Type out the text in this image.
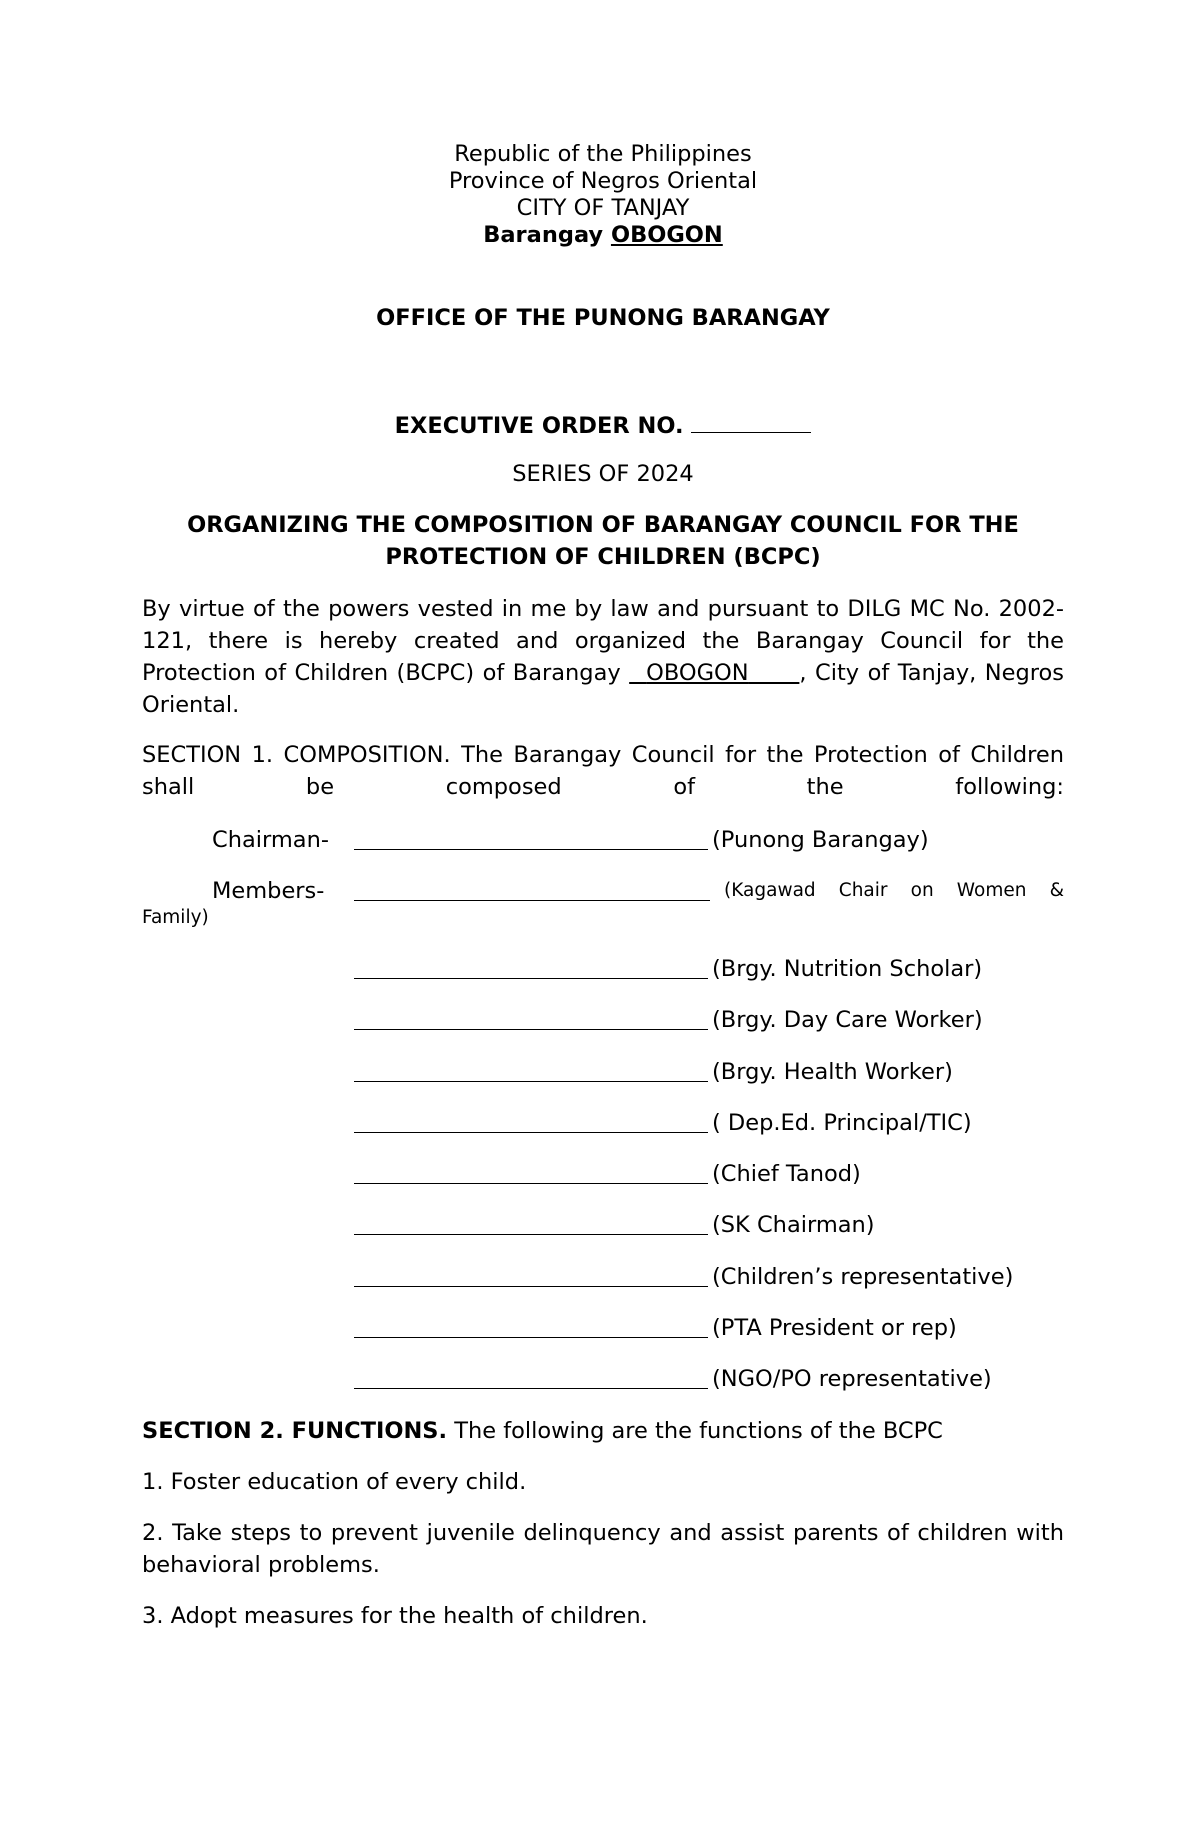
Republic of the Philippines
Province of Negros Oriental
CITY OF TANJAY
Barangay OBOGON
OFFICE OF THE PUNONG BARANGAY
EXECUTIVE ORDER NO.
SERIES OF 2024
ORGANIZING THE COMPOSITION OF BARANGAY COUNCIL FOR THE
PROTECTION OF CHILDREN (BCPC)
By virtue of the powers vested in me by law and pursuant to DILG MC No. 2002-121, there is hereby created and organized the Barangay Council for the Protection of Children (BCPC) of Barangay   OBOGON , City of Tanjay, Negros Oriental.
SECTION 1. COMPOSITION. The Barangay Council for the Protection of Children shall be composed of the following:
Chairman-	(Punong Barangay)
Members-	(Kagawad Chair on Women &
Family)
(Brgy. Nutrition Scholar)
(Brgy. Day Care Worker)
(Brgy. Health Worker)
( Dep.Ed. Principal/TIC)
(Chief Tanod)
(SK Chairman)
(Children’s representative)
(PTA President or rep)
(NGO/PO representative)
SECTION 2. FUNCTIONS. The following are the functions of the BCPC
1. Foster education of every child.
2. Take steps to prevent juvenile delinquency and assist parents of children with behavioral problems.
3. Adopt measures for the health of children.
